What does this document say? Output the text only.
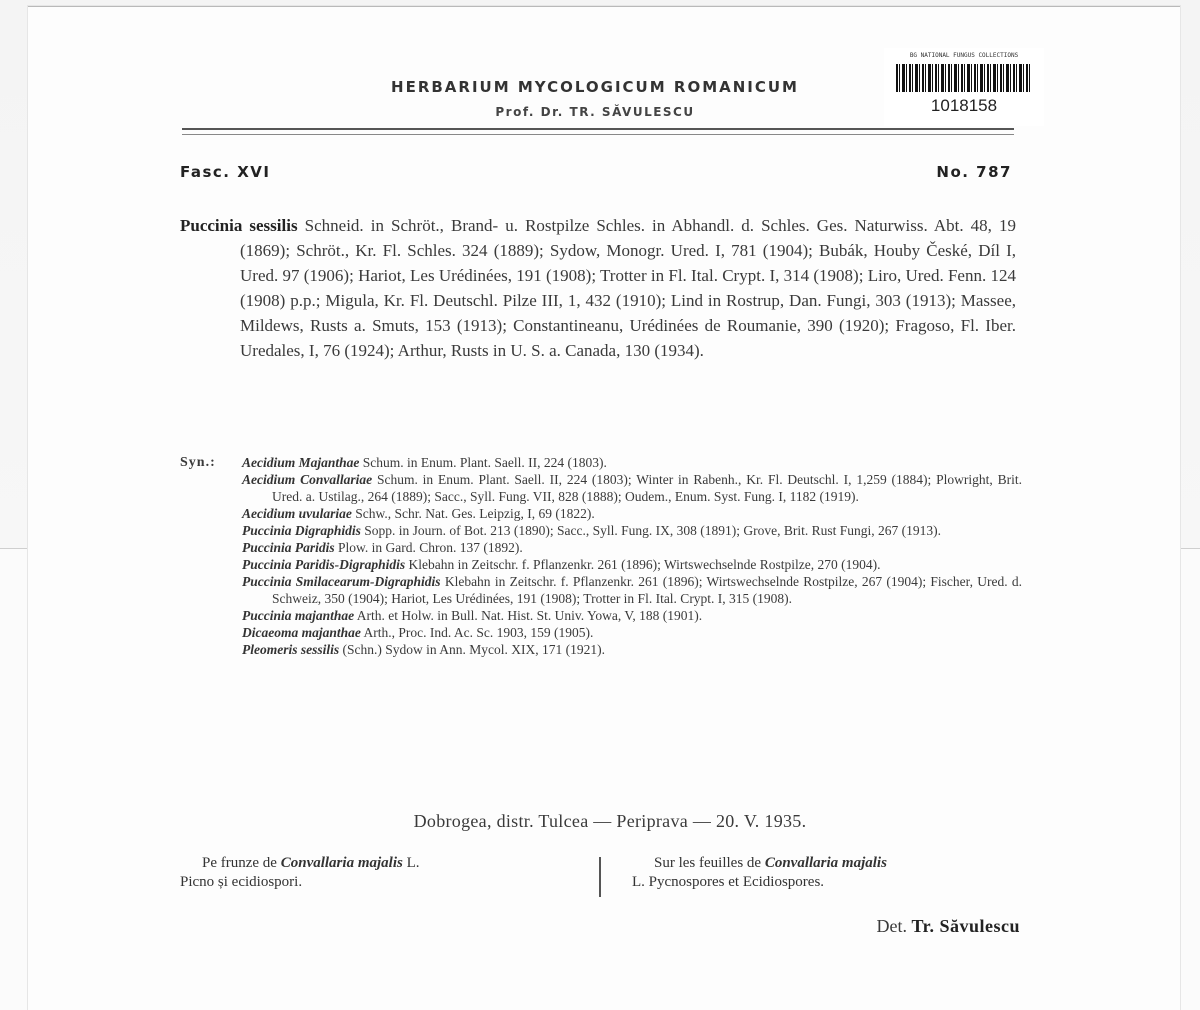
HERBARIUM MYCOLOGICUM ROMANICUM
Prof. Dr. TR. SĂVULESCU
BG NATIONAL FUNGUS COLLECTIONS
1018158
Fasc. XVI	No. 787
Puccinia sessilis Schneid. in Schröt., Brand- u. Rostpilze Schles. in Abhandl. d. Schles. Ges. Naturwiss. Abt. 48, 19 (1869); Schröt., Kr. Fl. Schles. 324 (1889); Sydow, Monogr. Ured. I, 781 (1904); Bubák, Houby České, Díl I, Ured. 97 (1906); Hariot, Les Urédinées, 191 (1908); Trotter in Fl. Ital. Crypt. I, 314 (1908); Liro, Ured. Fenn. 124 (1908) p.p.; Migula, Kr. Fl. Deutschl. Pilze III, 1, 432 (1910); Lind in Rostrup, Dan. Fungi, 303 (1913); Massee, Mildews, Rusts a. Smuts, 153 (1913); Constantineanu, Urédinées de Roumanie, 390 (1920); Fragoso, Fl. Iber. Uredales, I, 76 (1924); Arthur, Rusts in U. S. a. Canada, 130 (1934).
Syn.: Aecidium Majanthae Schum. in Enum. Plant. Saell. II, 224 (1803).

Aecidium Convallariae Schum. in Enum. Plant. Saell. II, 224 (1803); Winter in Rabenh., Kr. Fl. Deutschl. I, 1,259 (1884); Plowright, Brit. Ured. a. Ustilag., 264 (1889); Sacc., Syll. Fung. VII, 828 (1888); Oudem., Enum. Syst. Fung. I, 1182 (1919).

Aecidium uvulariae Schw., Schr. Nat. Ges. Leipzig, I, 69 (1822).

Puccinia Digraphidis Sopp. in Journ. of Bot. 213 (1890); Sacc., Syll. Fung. IX, 308 (1891); Grove, Brit. Rust Fungi, 267 (1913).

Puccinia Paridis Plow. in Gard. Chron. 137 (1892).

Puccinia Paridis-Digraphidis Klebahn in Zeitschr. f. Pflanzenkr. 261 (1896); Wirtswechselnde Rostpilze, 270 (1904).

Puccinia Smilacearum-Digraphidis Klebahn in Zeitschr. f. Pflanzenkr. 261 (1896); Wirtswechselnde Rostpilze, 267 (1904); Fischer, Ured. d. Schweiz, 350 (1904); Hariot, Les Urédinées, 191 (1908); Trotter in Fl. Ital. Crypt. I, 315 (1908).

Puccinia majanthae Arth. et Holw. in Bull. Nat. Hist. St. Univ. Yowa, V, 188 (1901).

Dicaeoma majanthae Arth., Proc. Ind. Ac. Sc. 1903, 159 (1905).

Pleomeris sessilis (Schn.) Sydow in Ann. Mycol. XIX, 171 (1921).

Dobrogea, distr. Tulcea — Periprava — 20. V. 1935.
Pe frunze de Convallaria majalis L.
Picno și ecidiospori.
Sur les feuilles de Convallaria majalis
L. Pycnospores et Ecidiospores.
Det. Tr. Săvulescu
